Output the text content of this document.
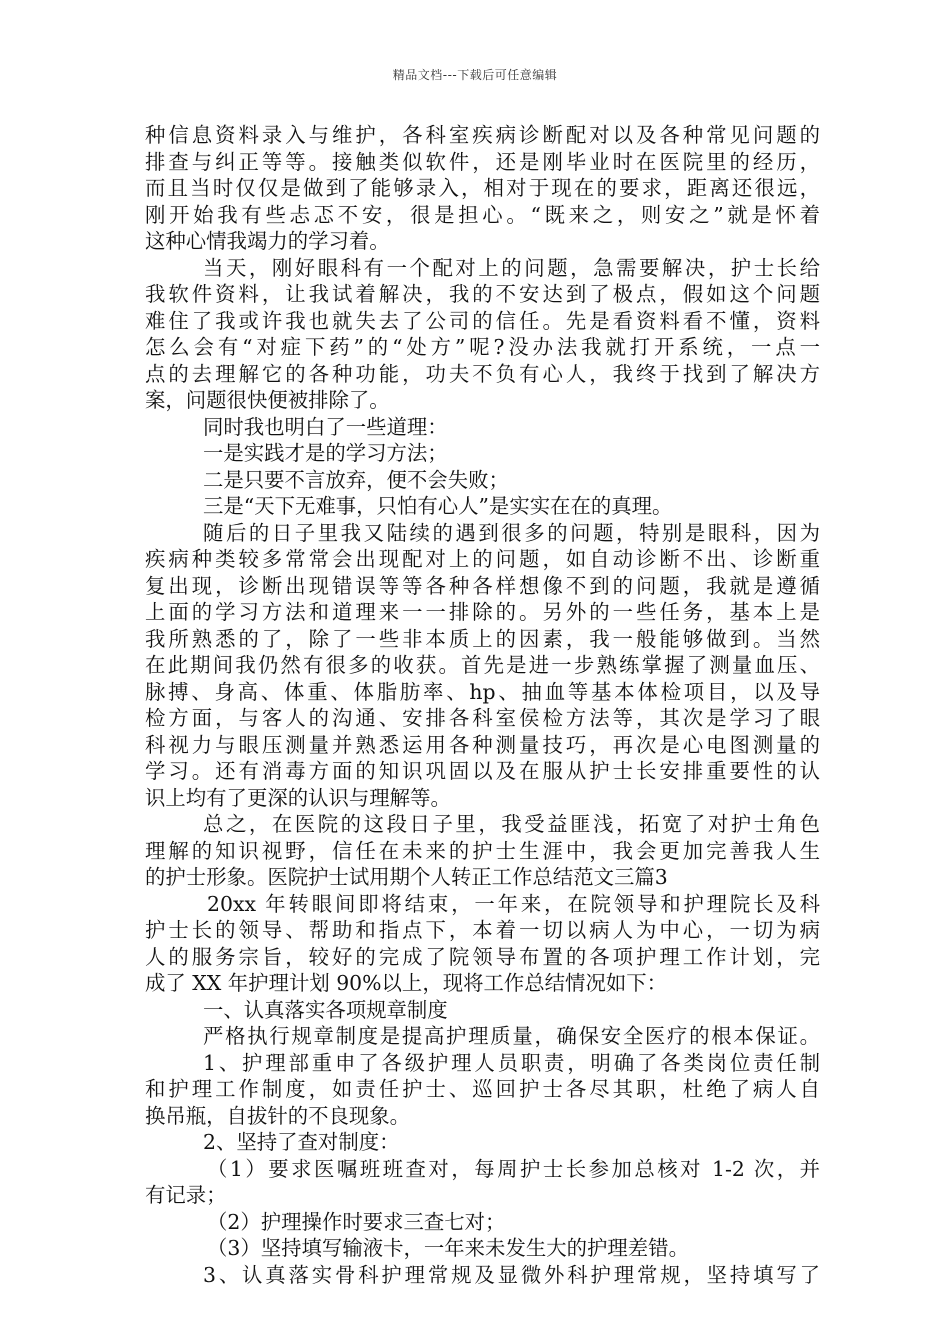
精品文档---下载后可任意编辑
种信息资料录入与维护，各科室疾病诊断配对以及各种常见问题的
排查与纠正等等。接触类似软件，还是刚毕业时在医院里的经历，
而且当时仅仅是做到了能够录入，相对于现在的要求，距离还很远，
刚开始我有些忐忑不安，很是担心。“既来之，则安之”就是怀着
这种心情我竭力的学习着。
当天，刚好眼科有一个配对上的问题，急需要解决，护士长给
我软件资料，让我试着解决，我的不安达到了极点，假如这个问题
难住了我或许我也就失去了公司的信任。先是看资料看不懂，资料
怎么会有“对症下药”的“处方”呢?没办法我就打开系统，一点一
点的去理解它的各种功能，功夫不负有心人，我终于找到了解决方
案，问题很快便被排除了。
同时我也明白了一些道理：
一是实践才是的学习方法；
二是只要不言放弃，便不会失败；
三是“天下无难事，只怕有心人”是实实在在的真理。
随后的日子里我又陆续的遇到很多的问题，特别是眼科，因为
疾病种类较多常常会出现配对上的问题，如自动诊断不出、诊断重
复出现，诊断出现错误等等各种各样想像不到的问题，我就是遵循
上面的学习方法和道理来一一排除的。另外的一些任务，基本上是
我所熟悉的了，除了一些非本质上的因素，我一般能够做到。当然
在此期间我仍然有很多的收获。首先是进一步熟练掌握了测量血压、
脉搏、身高、体重、体脂肪率、hp、抽血等基本体检项目，以及导
检方面，与客人的沟通、安排各科室侯检方法等，其次是学习了眼
科视力与眼压测量并熟悉运用各种测量技巧，再次是心电图测量的
学习。还有消毒方面的知识巩固以及在服从护士长安排重要性的认
识上均有了更深的认识与理解等。
总之，在医院的这段日子里，我受益匪浅，拓宽了对护士角色
理解的知识视野，信任在未来的护士生涯中，我会更加完善我人生
的护士形象。医院护士试用期个人转正工作总结范文三篇3
20xx 年转眼间即将结束，一年来，在院领导和护理院长及科
护士长的领导、帮助和指点下，本着一切以病人为中心，一切为病
人的服务宗旨，较好的完成了院领导布置的各项护理工作计划，完
成了 XX 年护理计划 90%以上，现将工作总结情况如下：
一、认真落实各项规章制度
严格执行规章制度是提高护理质量，确保安全医疗的根本保证。
1、护理部重申了各级护理人员职责，明确了各类岗位责任制
和护理工作制度，如责任护士、巡回护士各尽其职，杜绝了病人自
换吊瓶，自拔针的不良现象。
2、坚持了查对制度：
（1）要求医嘱班班查对，每周护士长参加总核对 1-2 次，并
有记录；
（2）护理操作时要求三查七对；
（3）坚持填写输液卡，一年来未发生大的护理差错。
3、认真落实骨科护理常规及显微外科护理常规，坚持填写了
